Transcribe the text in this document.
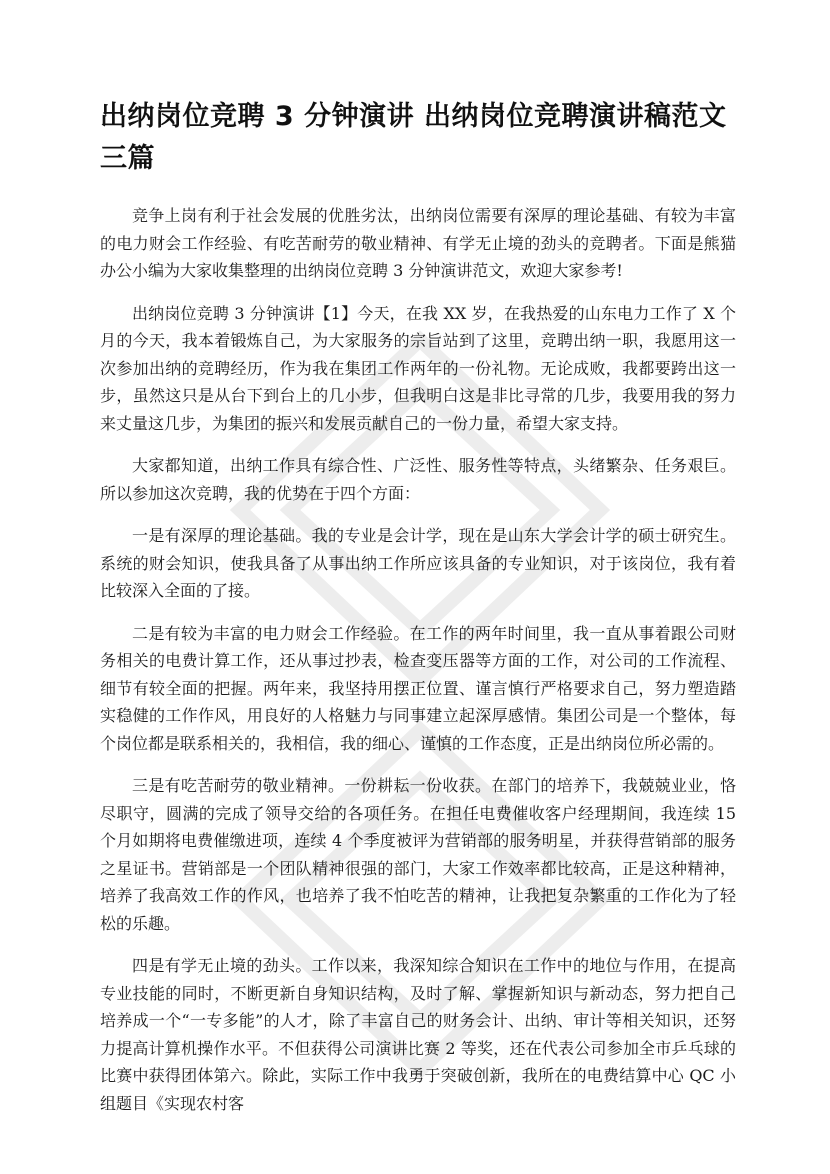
出纳岗位竞聘 3 分钟演讲 出纳岗位竞聘演讲稿范文三篇

竞争上岗有利于社会发展的优胜劣汰，出纳岗位需要有深厚的理论基础、有较为丰富的电力财会工作经验、有吃苦耐劳的敬业精神、有学无止境的劲头的竞聘者。下面是熊猫办公小编为大家收集整理的出纳岗位竞聘 3 分钟演讲范文，欢迎大家参考!

出纳岗位竞聘 3 分钟演讲【1】今天，在我 XX 岁，在我热爱的山东电力工作了 X 个月的今天，我本着锻炼自己，为大家服务的宗旨站到了这里，竞聘出纳一职，我愿用这一次参加出纳的竞聘经历，作为我在集团工作两年的一份礼物。无论成败，我都要跨出这一步，虽然这只是从台下到台上的几小步，但我明白这是非比寻常的几步，我要用我的努力来丈量这几步，为集团的振兴和发展贡献自己的一份力量，希望大家支持。

大家都知道，出纳工作具有综合性、广泛性、服务性等特点，头绪繁杂、任务艰巨。所以参加这次竞聘，我的优势在于四个方面：

一是有深厚的理论基础。我的专业是会计学，现在是山东大学会计学的硕士研究生。系统的财会知识，使我具备了从事出纳工作所应该具备的专业知识，对于该岗位，我有着比较深入全面的了接。

二是有较为丰富的电力财会工作经验。在工作的两年时间里，我一直从事着跟公司财务相关的电费计算工作，还从事过抄表，检查变压器等方面的工作，对公司的工作流程、细节有较全面的把握。两年来，我坚持用摆正位置、谨言慎行严格要求自己，努力塑造踏实稳健的工作作风，用良好的人格魅力与同事建立起深厚感情。集团公司是一个整体，每个岗位都是联系相关的，我相信，我的细心、谨慎的工作态度，正是出纳岗位所必需的。

三是有吃苦耐劳的敬业精神。一份耕耘一份收获。在部门的培养下，我兢兢业业，恪尽职守，圆满的完成了领导交给的各项任务。在担任电费催收客户经理期间，我连续 15 个月如期将电费催缴进项，连续 4 个季度被评为营销部的服务明星，并获得营销部的服务之星证书。营销部是一个团队精神很强的部门，大家工作效率都比较高，正是这种精神，培养了我高效工作的作风，也培养了我不怕吃苦的精神，让我把复杂繁重的工作化为了轻松的乐趣。

四是有学无止境的劲头。工作以来，我深知综合知识在工作中的地位与作用，在提高专业技能的同时，不断更新自身知识结构，及时了解、掌握新知识与新动态，努力把自己培养成一个“一专多能”的人才，除了丰富自己的财务会计、出纳、审计等相关知识，还努力提高计算机操作水平。不但获得公司演讲比赛 2 等奖，还在代表公司参加全市乒乓球的比赛中获得团体第六。除此，实际工作中我勇于突破创新，我所在的电费结算中心 QC 小组题目《实现农村客
